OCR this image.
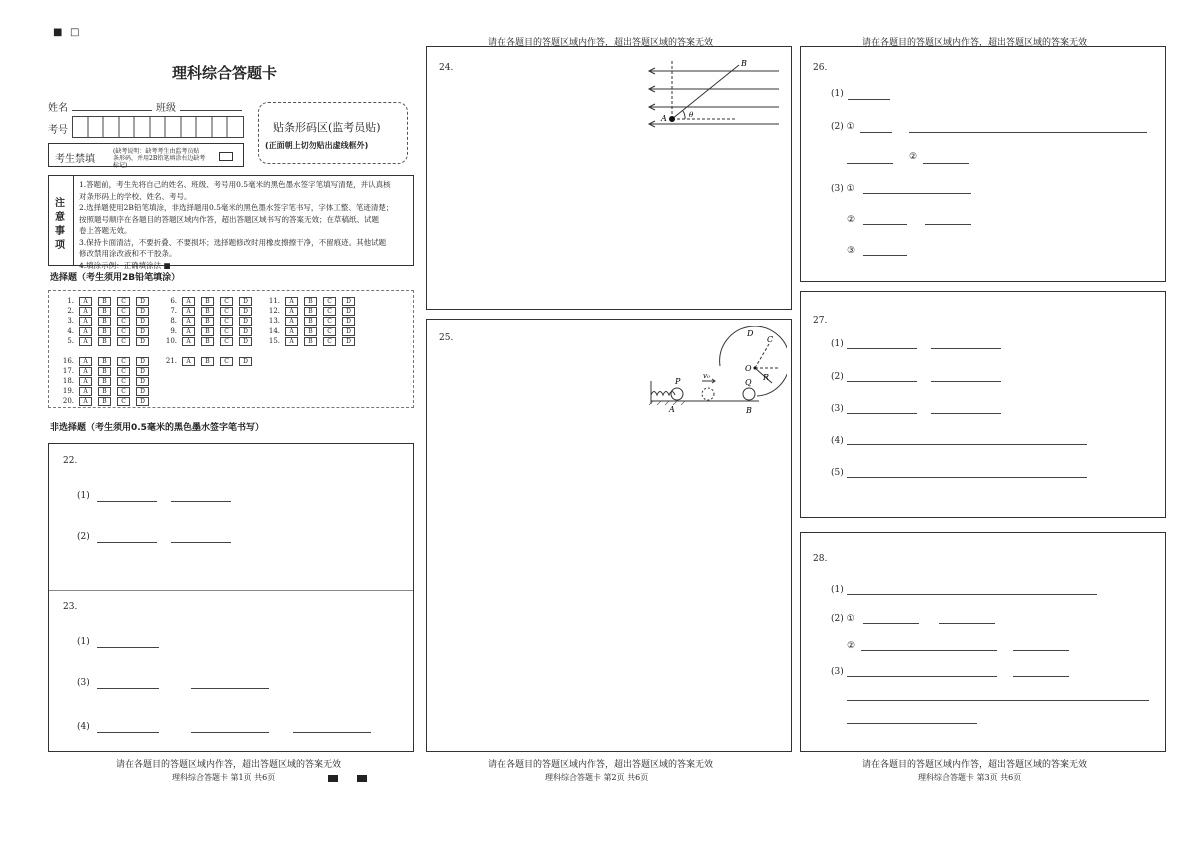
■ □
理科综合答题卡
姓名	班级
考号
考生禁填
(缺考说明：缺考考生由监考员贴
条形码，并用2B铅笔填涂右边缺考
标记)
贴条形码区(监考员贴)
(正面朝上切勿贴出虚线框外)
注
意
事
项
1.答题前，考生先将自己的姓名、班级、考号用0.5毫米的黑色墨水签字笔填写清楚，并认真核
对条形码上的学校、姓名、考号。
2.选择题使用2B铅笔填涂，非选择题用0.5毫米的黑色墨水签字笔书写，字体工整、笔迹清楚；
按照题号顺序在各题目的答题区域内作答，超出答题区域书写的答案无效；在草稿纸、试题
卷上答题无效。
3.保持卡面清洁，不要折叠、不要损坏；选择题修改时用橡皮擦擦干净，不留痕迹。其他试题
修改禁用涂改液和不干胶条。
4.填涂示例：正确填涂法 ■
选择题（考生须用2B铅笔填涂）
1. A B C D
2. A B C D
3. A B C D
4. A B C D
5. A B C D
6. A B C D
7. A B C D
8. A B C D
9. A B C D
10. A B C D
11. A B C D
12. A B C D
13. A B C D
14. A B C D
15. A B C D
16. A B C D
17. A B C D
18. A B C D
19. A B C D
20. A B C D
21. A B C D
非选择题（考生须用0.5毫米的黑色墨水签字笔书写）
22.
(1)
(2)
23.
(1)
(3)
(4)
请在各题目的答题区域内作答，超出答题区域的答案无效
理科综合答题卡 第1页 共6页
请在各题目的答题区域内作答，超出答题区域的答案无效
24.	B
A	θ
25.	D
C
O
R
Q
B
P
A
v₀
请在各题目的答题区域内作答，超出答题区域的答案无效
理科综合答题卡 第2页 共6页
请在各题目的答题区域内作答，超出答题区域的答案无效
26.
(1)
(2) ①
②
(3) ①
②
③
27.
(1)
(2)
(3)
(4)
(5)
28.
(1)
(2) ①
②
(3)
请在各题目的答题区域内作答，超出答题区域的答案无效
理科综合答题卡 第3页 共6页
